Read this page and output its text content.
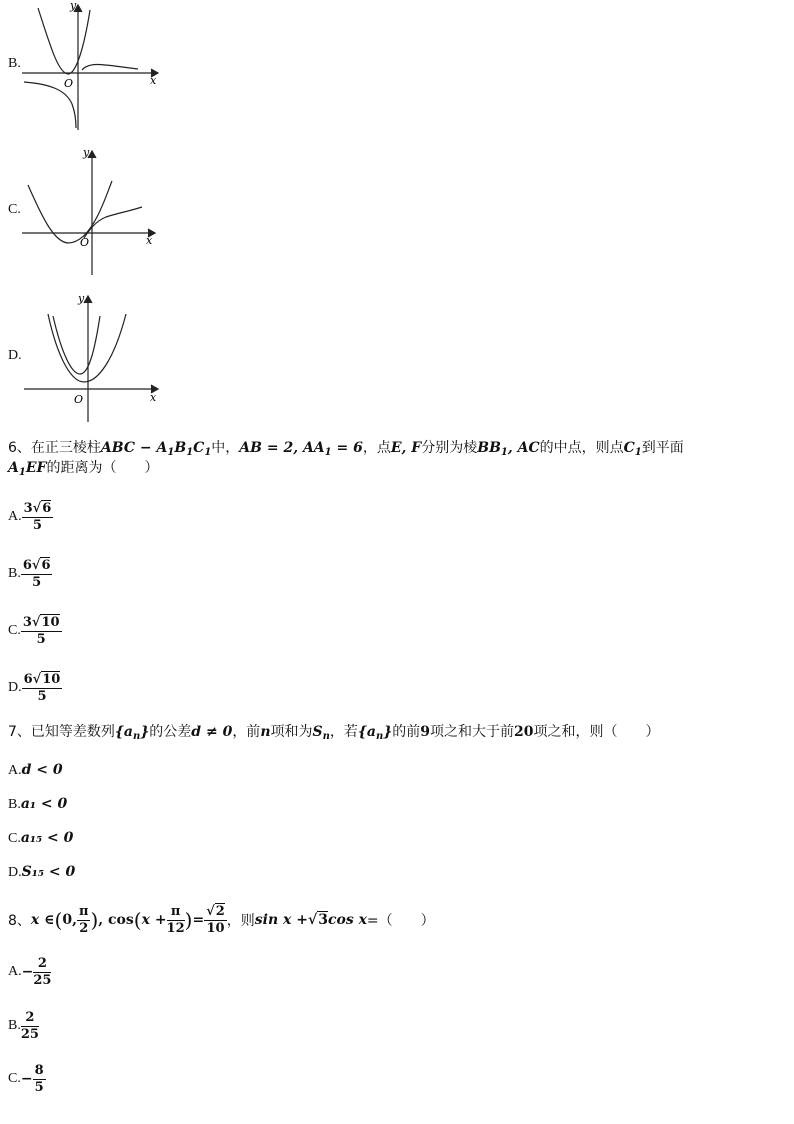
B.
x
y
O
C.
x
y
O
D.
x
y
O
6、在正三棱柱ABC − $A_1B_1C_1$中，AB = 2, $AA_1 = 6$，点E, F分别为棱$BB_1$, AC的中点，则点$C_1$到平面
$A_1EF$的距离为（　　）
A. $\frac{3√6}{5}$
B. $\frac{6√6}{5}$
C. $\frac{3√10}{5}$
D. $\frac{6√10}{5}$
7、已知等差数列$\{a_n\}$的公差d ≠ 0，前n项和为$S_n$，若$\{a_n\}$的前9项之和大于前20项之和，则（　　）
A.d < 0
B.a₁ < 0
C.a₁₅ < 0
D.S₁₅ < 0
8、 x ∈ ( 0, $\frac{\pi}{2}$ ) , cos ( $x + \frac{\pi}{12}$ ) = $\frac{√2}{10}$ ，则 sin x + √3 cos x =（　　）
A. − $\frac{2}{25}$
B. $\frac{2}{25}$
C. − $\frac{8}{5}$
